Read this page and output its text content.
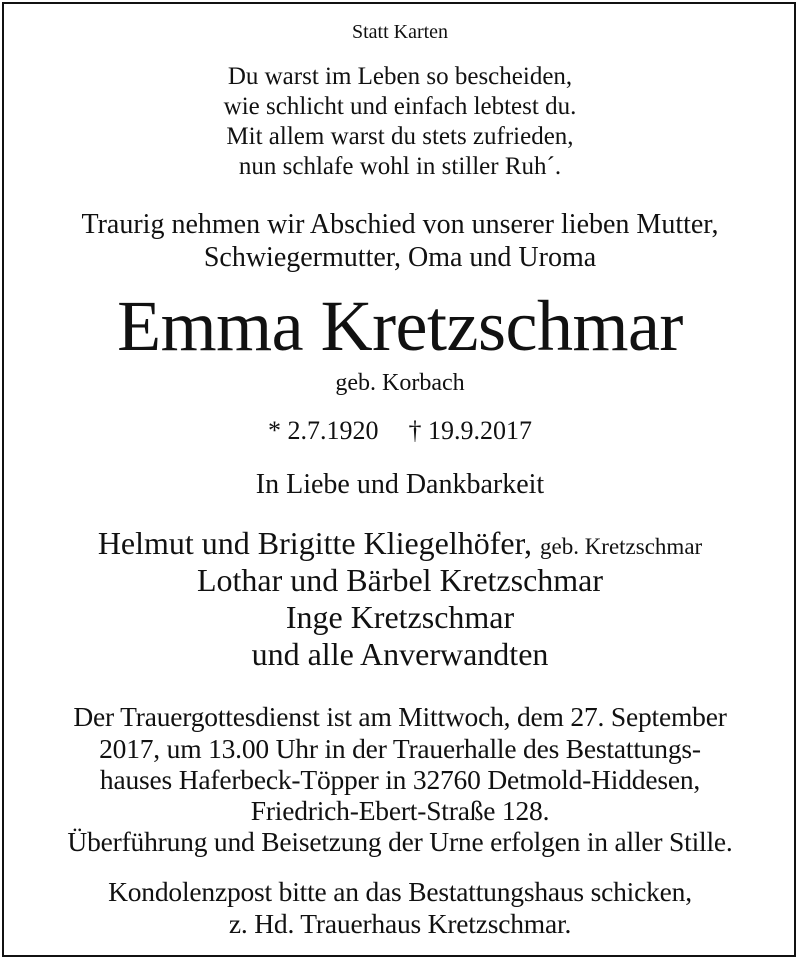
Statt Karten
Du warst im Leben so bescheiden,
wie schlicht und einfach lebtest du.
Mit allem warst du stets zufrieden,
nun schlafe wohl in stiller Ruh´.
Traurig nehmen wir Abschied von unserer lieben Mutter,
Schwiegermutter, Oma und Uroma
Emma Kretzschmar
geb. Korbach
* 2.7.1920 † 19.9.2017
In Liebe und Dankbarkeit
Helmut und Brigitte Kliegelhöfer, geb. Kretzschmar
Lothar und Bärbel Kretzschmar
Inge Kretzschmar
und alle Anverwandten
Der Trauergottesdienst ist am Mittwoch, dem 27. September
2017, um 13.00 Uhr in der Trauerhalle des Bestattungs-
hauses Haferbeck-Töpper in 32760 Detmold-Hiddesen,
Friedrich-Ebert-Straße 128.
Überführung und Beisetzung der Urne erfolgen in aller Stille.
Kondolenzpost bitte an das Bestattungshaus schicken,
z. Hd. Trauerhaus Kretzschmar.
